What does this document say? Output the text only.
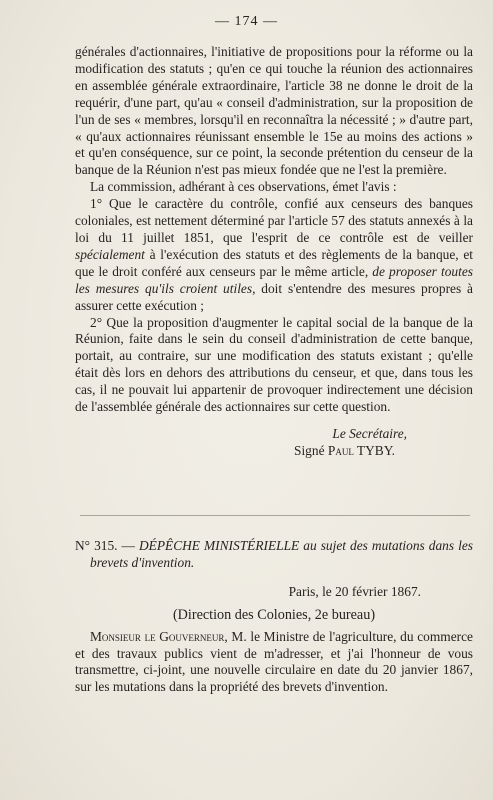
— 174 —

générales d'actionnaires, l'initiative de propositions pour la réforme ou la modification des statuts ; qu'en ce qui touche la réunion des actionnaires en assemblée générale extraordinaire, l'article 38 ne donne le droit de la requérir, d'une part, qu'au « conseil d'administration, sur la proposition de l'un de ses « membres, lorsqu'il en reconnaîtra la nécessité ; » d'autre part, « qu'aux actionnaires réunissant ensemble le 15e au moins des actions » et qu'en conséquence, sur ce point, la seconde prétention du censeur de la banque de la Réunion n'est pas mieux fondée que ne l'est la première.

La commission, adhérant à ces observations, émet l'avis :

1° Que le caractère du contrôle, confié aux censeurs des banques coloniales, est nettement déterminé par l'article 57 des statuts annexés à la loi du 11 juillet 1851, que l'esprit de ce contrôle est de veiller spécialement à l'exécution des statuts et des règlements de la banque, et que le droit conféré aux censeurs par le même article, de proposer toutes les mesures qu'ils croient utiles, doit s'entendre des mesures propres à assurer cette exécution ;

2° Que la proposition d'augmenter le capital social de la banque de la Réunion, faite dans le sein du conseil d'administration de cette banque, portait, au contraire, sur une modification des statuts existant ; qu'elle était dès lors en dehors des attributions du censeur, et que, dans tous les cas, il ne pouvait lui appartenir de provoquer indirectement une décision de l'assemblée générale des actionnaires sur cette question.

Le Secrétaire,

Signé Paul TYBY.

N° 315. — DÉPÊCHE MINISTÉRIELLE au sujet des mutations dans les brevets d'invention.

Paris, le 20 février 1867.

(Direction des Colonies, 2e bureau)

Monsieur le Gouverneur, M. le Ministre de l'agriculture, du commerce et des travaux publics vient de m'adresser, et j'ai l'honneur de vous transmettre, ci-joint, une nouvelle circulaire en date du 20 janvier 1867, sur les mutations dans la propriété des brevets d'invention.
